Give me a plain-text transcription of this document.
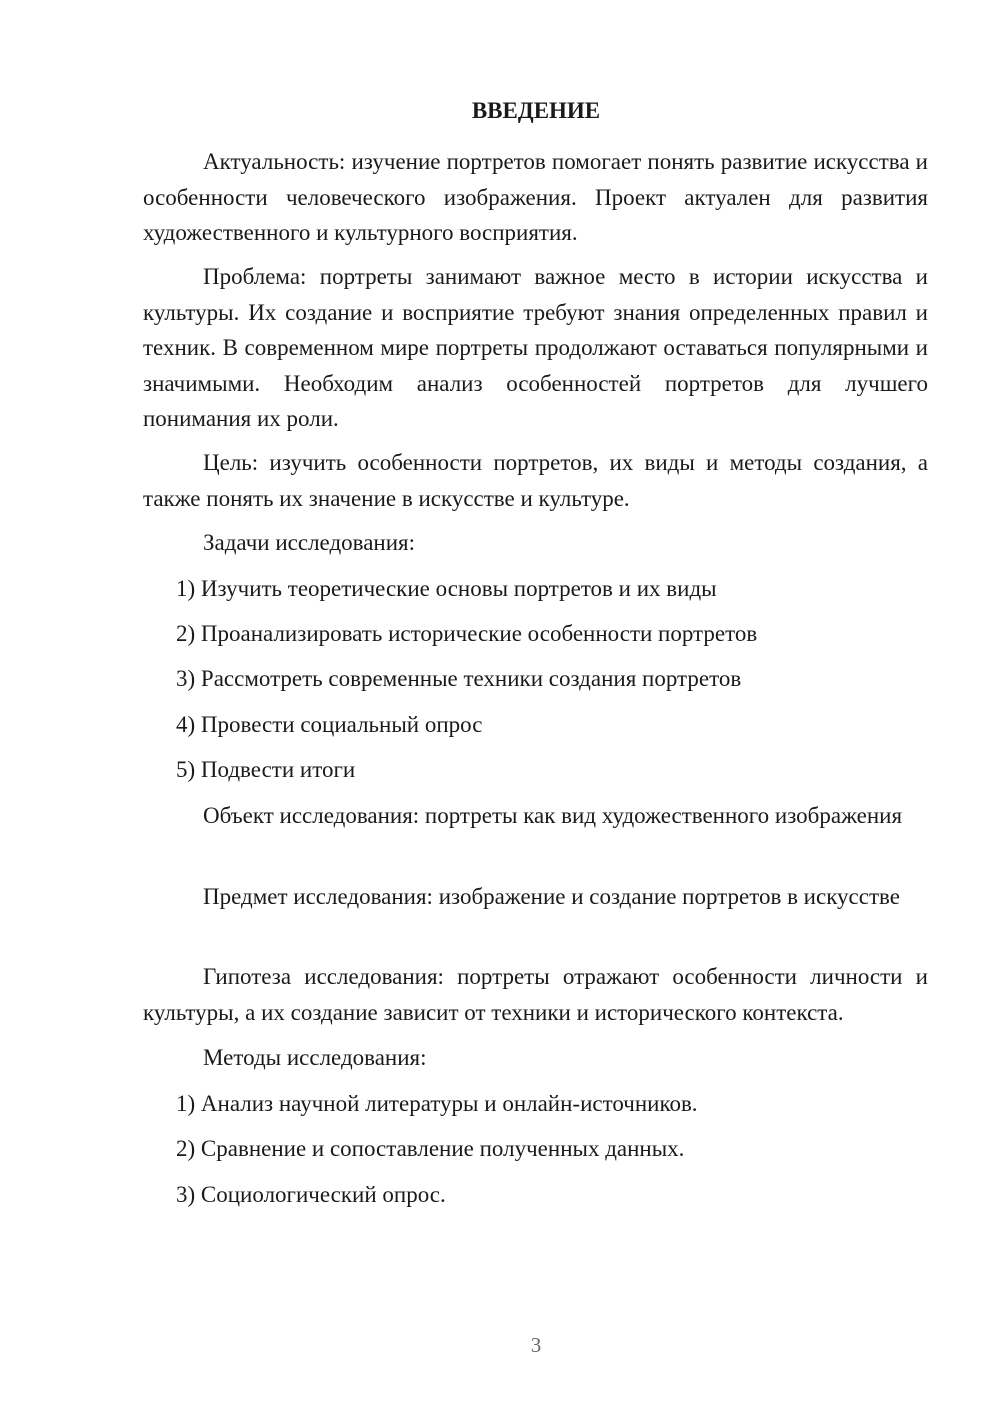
ВВЕДЕНИЕ

Актуальность: изучение портретов помогает понять развитие искусства и особенности человеческого изображения. Проект актуален для развития художественного и культурного восприятия.

Проблема: портреты занимают важное место в истории искусства и культуры. Их создание и восприятие требуют знания определенных правил и техник. В современном мире портреты продолжают оставаться популярными и значимыми. Необходим анализ особенностей портретов для лучшего понимания их роли.

Цель: изучить особенности портретов, их виды и методы создания, а также понять их значение в искусстве и культуре.

Задачи исследования:

1) Изучить теоретические основы портретов и их виды

2) Проанализировать исторические особенности портретов

3) Рассмотреть современные техники создания портретов

4) Провести социальный опрос

5) Подвести итоги

Объект исследования: портреты как вид художественного изображения

Предмет исследования: изображение и создание портретов в искусстве

Гипотеза исследования: портреты отражают особенности личности и культуры, а их создание зависит от техники и исторического контекста.

Методы исследования:

1) Анализ научной литературы и онлайн-источников.

2) Сравнение и сопоставление полученных данных.

3) Социологический опрос.

3
